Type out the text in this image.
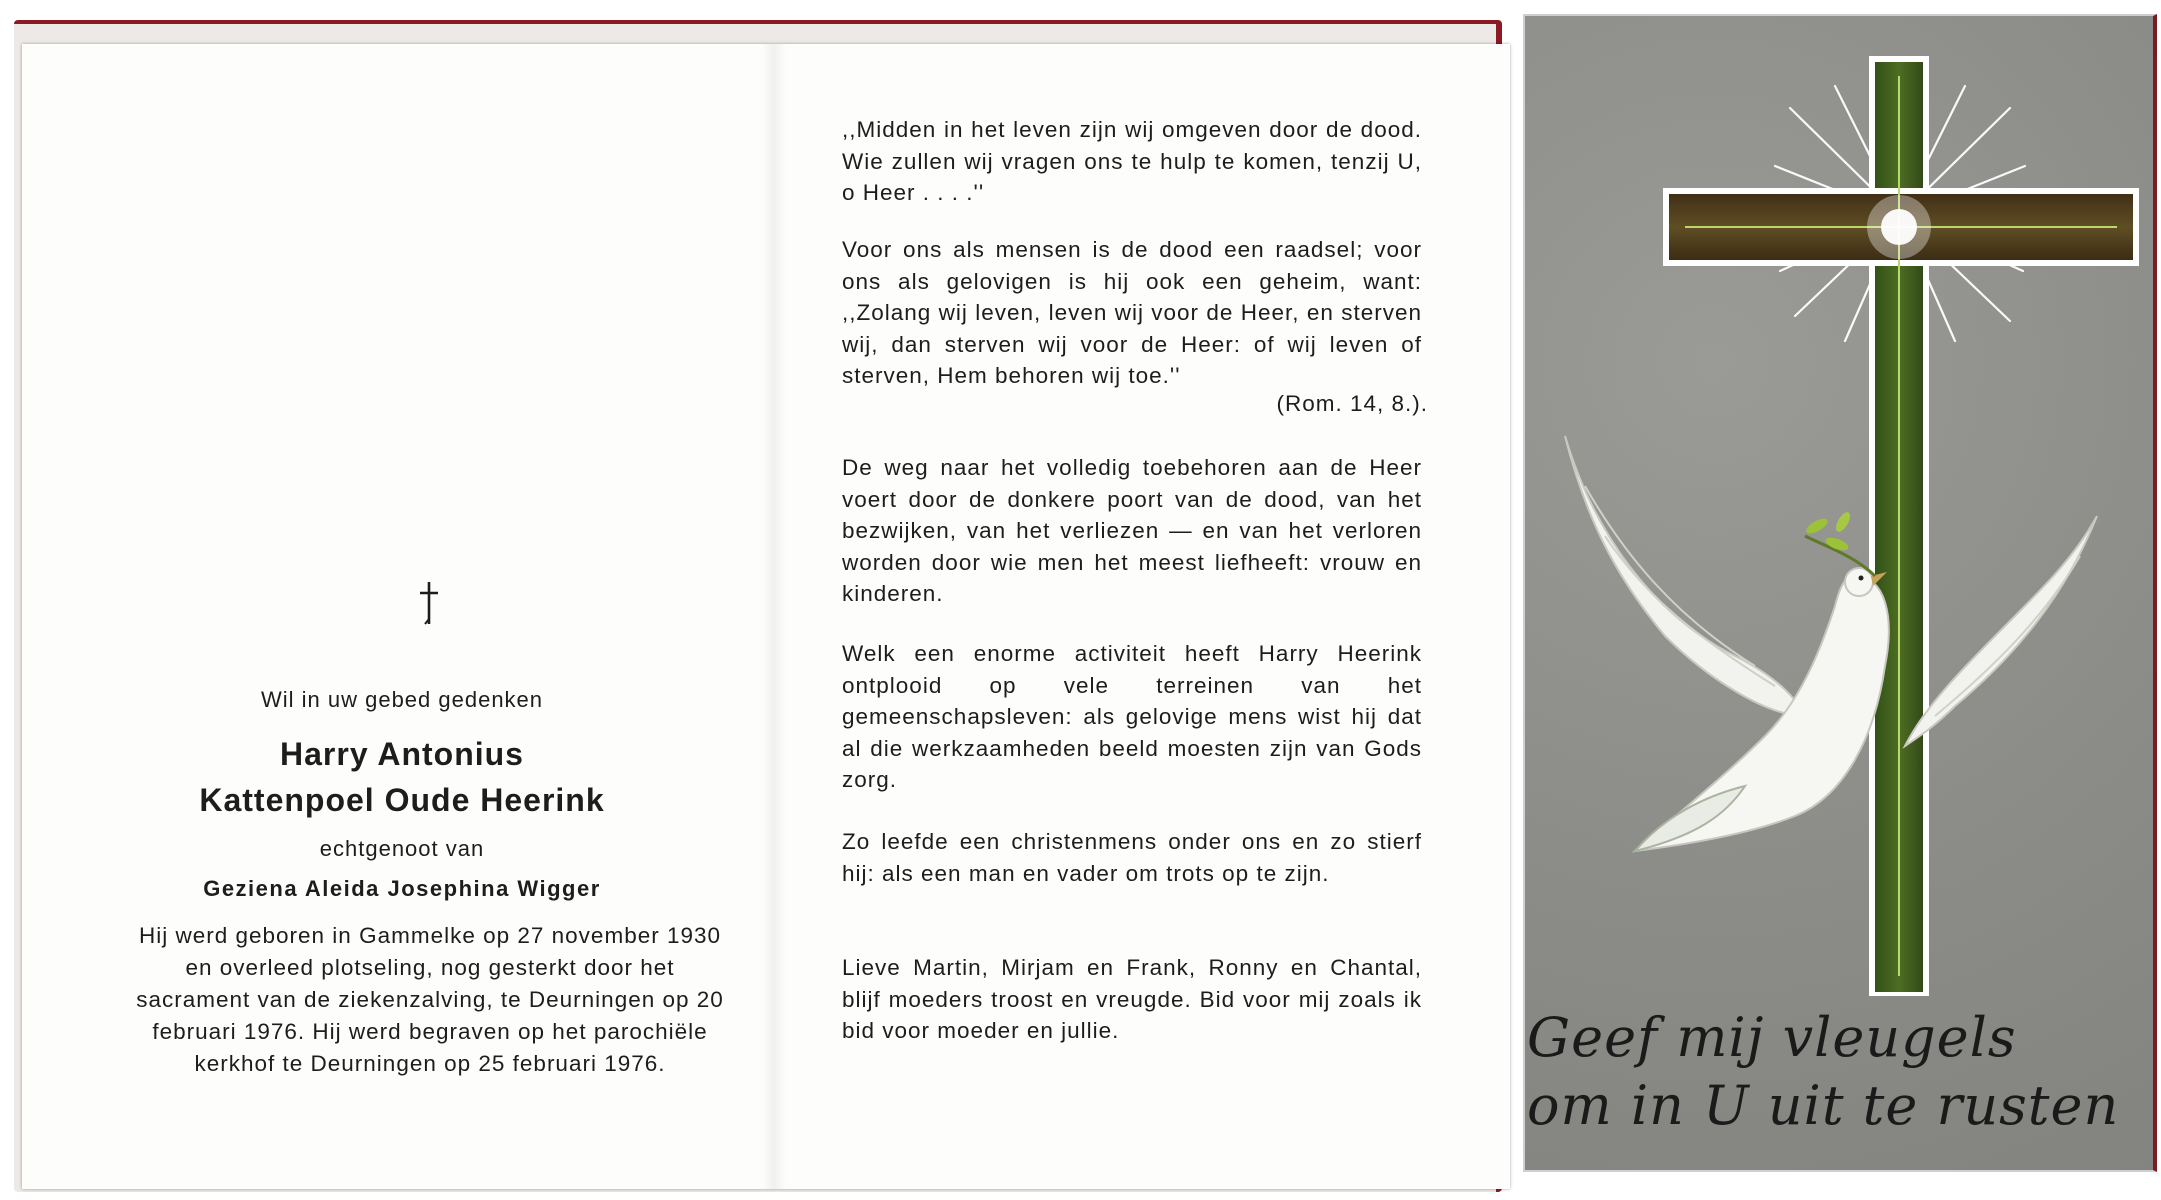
Wil in uw gebed gedenken
Harry Antonius
Kattenpoel Oude Heerink
echtgenoot van
Geziena Aleida Josephina Wigger
Hij werd geboren in Gammelke op 27 november 1930 en overleed plotseling, nog gesterkt door het sacrament van de ziekenzalving, te Deurningen op 20 februari 1976. Hij werd begraven op het parochiële kerkhof te Deurningen op 25 februari 1976.

,,Midden in het leven zijn wij omgeven door de dood. Wie zullen wij vragen ons te hulp te komen, tenzij U, o Heer . . . .''

Voor ons als mensen is de dood een raadsel; voor ons als gelovigen is hij ook een geheim, want: ,,Zolang wij leven, leven wij voor de Heer, en sterven wij, dan sterven wij voor de Heer: of wij leven of sterven, Hem behoren wij toe.''

(Rom. 14, 8.).

De weg naar het volledig toebehoren aan de Heer voert door de donkere poort van de dood, van het bezwijken, van het verliezen — en van het verloren worden door wie men het meest liefheeft: vrouw en kinderen.

Welk een enorme activiteit heeft Harry Heerink ontplooid op vele terreinen van het gemeenschapsleven: als gelovige mens wist hij dat al die werkzaamheden beeld moesten zijn van Gods zorg.

Zo leefde een christenmens onder ons en zo stierf hij: als een man en vader om trots op te zijn.

Lieve Martin, Mirjam en Frank, Ronny en Chantal, blijf moeders troost en vreugde. Bid voor mij zoals ik bid voor moeder en jullie.	Geef mij vleugels
om in U uit te rusten
